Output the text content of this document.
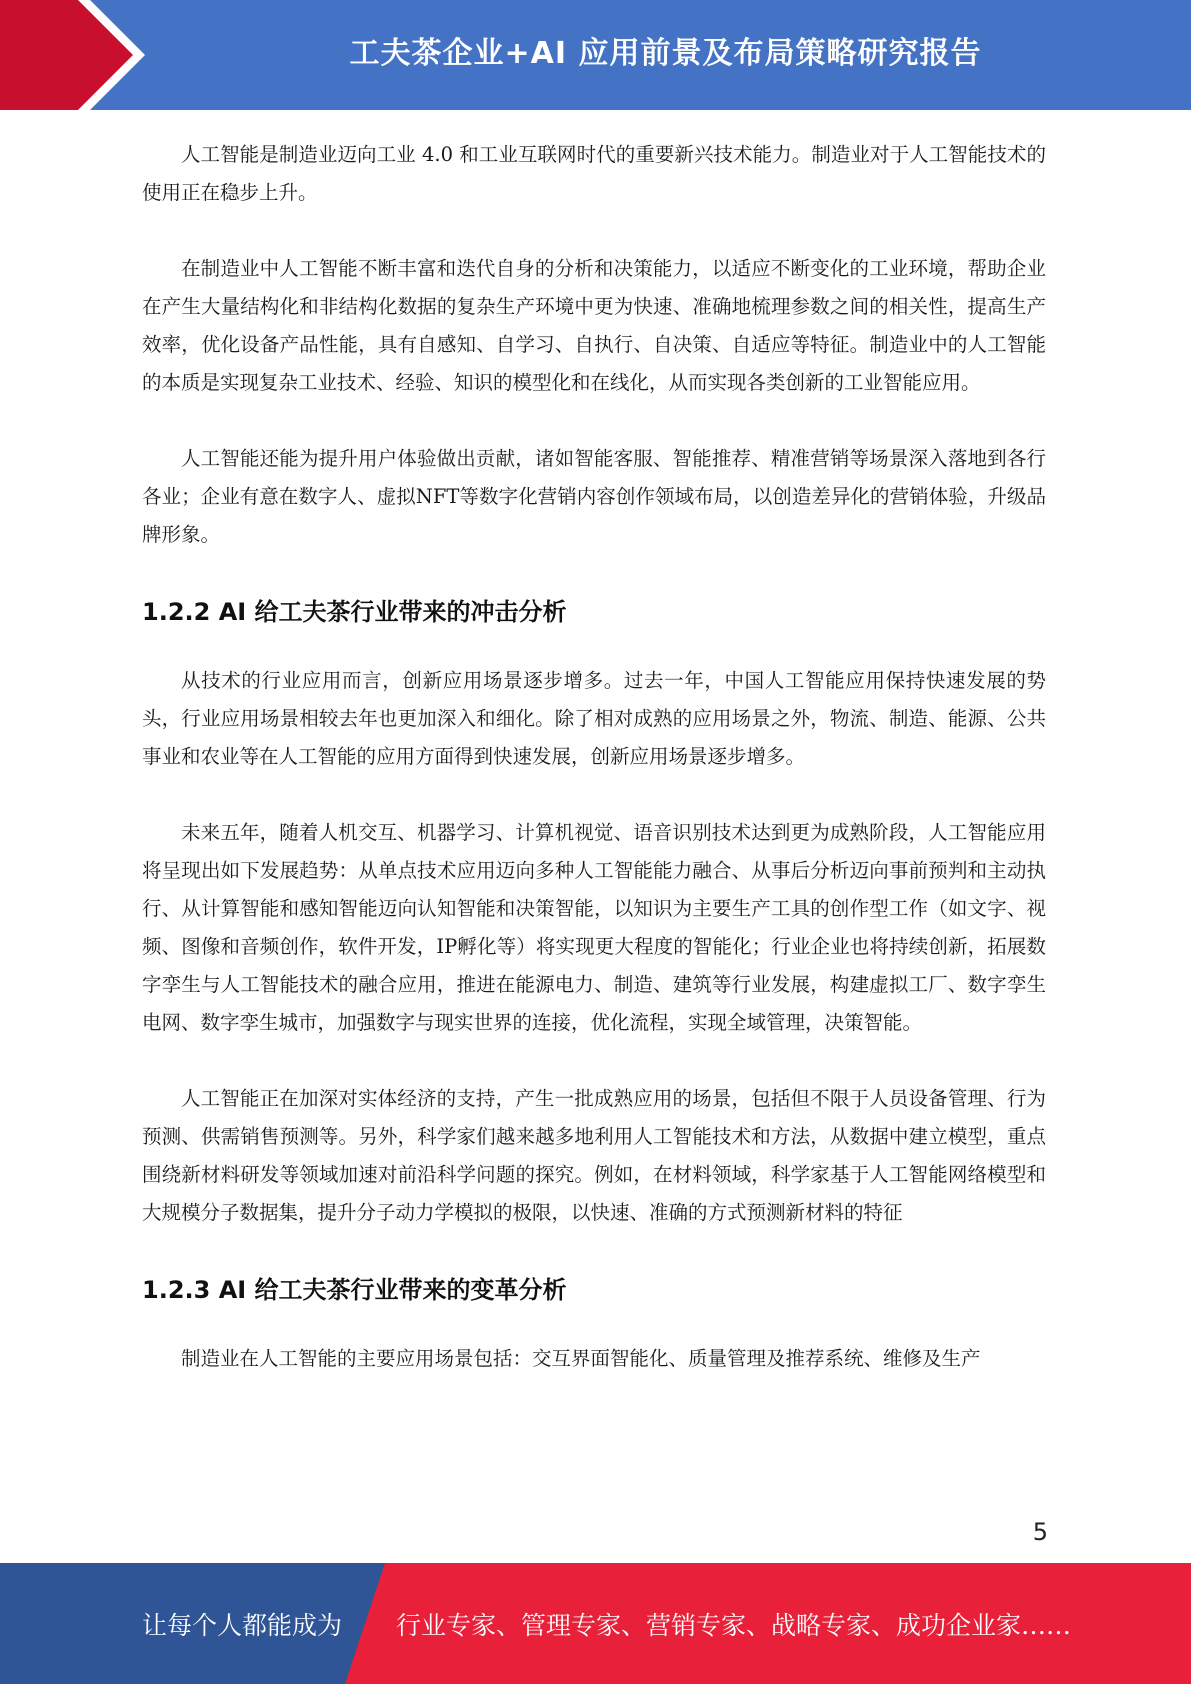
工夫茶企业+AI 应用前景及布局策略研究报告

人工智能是制造业迈向工业 4.0 和工业互联网时代的重要新兴技术能力。制造业对于人工智能技术的使用正在稳步上升。

在制造业中人工智能不断丰富和迭代自身的分析和决策能力，以适应不断变化的工业环境，帮助企业在产生大量结构化和非结构化数据的复杂生产环境中更为快速、准确地梳理参数之间的相关性，提高生产效率，优化设备产品性能，具有自感知、自学习、自执行、自决策、自适应等特征。制造业中的人工智能的本质是实现复杂工业技术、经验、知识的模型化和在线化，从而实现各类创新的工业智能应用。

人工智能还能为提升用户体验做出贡献，诸如智能客服、智能推荐、精准营销等场景深入落地到各行各业；企业有意在数字人、虚拟NFT等数字化营销内容创作领域布局，以创造差异化的营销体验，升级品牌形象。

1.2.2 AI 给工夫茶行业带来的冲击分析

从技术的行业应用而言，创新应用场景逐步增多。过去一年，中国人工智能应用保持快速发展的势头，行业应用场景相较去年也更加深入和细化。除了相对成熟的应用场景之外，物流、制造、能源、公共事业和农业等在人工智能的应用方面得到快速发展，创新应用场景逐步增多。

未来五年，随着人机交互、机器学习、计算机视觉、语音识别技术达到更为成熟阶段，人工智能应用将呈现出如下发展趋势：从单点技术应用迈向多种人工智能能力融合、从事后分析迈向事前预判和主动执行、从计算智能和感知智能迈向认知智能和决策智能，以知识为主要生产工具的创作型工作（如文字、视频、图像和音频创作，软件开发，IP孵化等）将实现更大程度的智能化；行业企业也将持续创新，拓展数字孪生与人工智能技术的融合应用，推进在能源电力、制造、建筑等行业发展，构建虚拟工厂、数字孪生电网、数字孪生城市，加强数字与现实世界的连接，优化流程，实现全域管理，决策智能。

人工智能正在加深对实体经济的支持，产生一批成熟应用的场景，包括但不限于人员设备管理、行为预测、供需销售预测等。另外，科学家们越来越多地利用人工智能技术和方法，从数据中建立模型，重点围绕新材料研发等领域加速对前沿科学问题的探究。例如，在材料领域，科学家基于人工智能网络模型和大规模分子数据集，提升分子动力学模拟的极限，以快速、准确的方式预测新材料的特征

1.2.3 AI 给工夫茶行业带来的变革分析

制造业在人工智能的主要应用场景包括：交互界面智能化、质量管理及推荐系统、维修及生产

5
让每个人都能成为 行业专家、管理专家、营销专家、战略专家、成功企业家……
